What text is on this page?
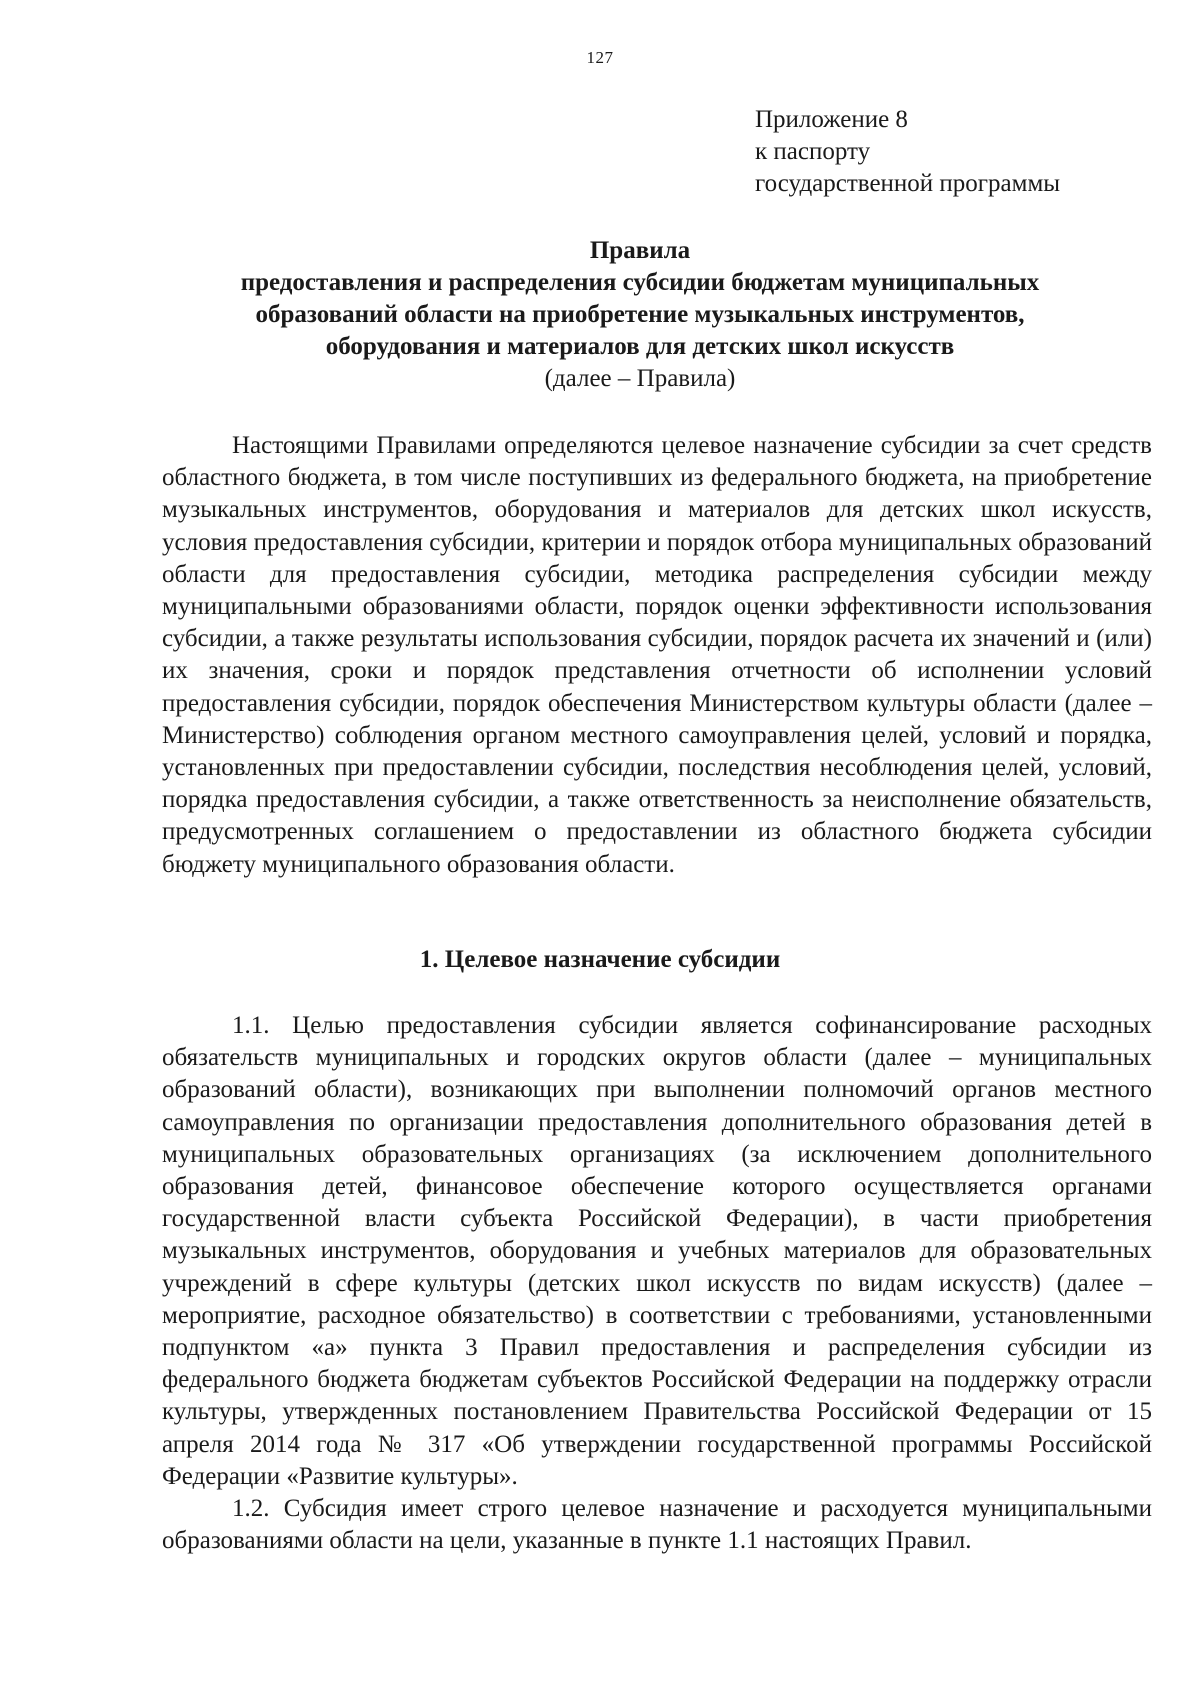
127
Приложение 8
к паспорту
государственной программы
Правила
предоставления и распределения субсидии бюджетам муниципальных
образований области на приобретение музыкальных инструментов,
оборудования и материалов для детских школ искусств
(далее – Правила)

Настоящими Правилами определяются целевое назначение субсидии за счет средств областного бюджета, в том числе поступивших из федерального бюджета, на приобретение музыкальных инструментов, оборудования и материалов для детских школ искусств, условия предоставления субсидии, критерии и порядок отбора муниципальных образований области для предоставления субсидии, методика распределения субсидии между муниципальными образованиями области, порядок оценки эффективности использования субсидии, а также результаты использования субсидии, порядок расчета их значений и (или) их значения, сроки и порядок представления отчетности об исполнении условий предоставления субсидии, порядок обеспечения Министерством культуры области (далее – Министерство) соблюдения органом местного самоуправления целей, условий и порядка, установленных при предоставлении субсидии, последствия несоблюдения целей, условий, порядка предоставления субсидии, а также ответственность за неисполнение обязательств, предусмотренных соглашением о предоставлении из областного бюджета субсидии бюджету муниципального образования области.

1. Целевое назначение субсидии

1.1. Целью предоставления субсидии является софинансирование расходных обязательств муниципальных и городских округов области (далее – муниципальных образований области), возникающих при выполнении полномочий органов местного самоуправления по организации предоставления дополнительного образования детей в муниципальных образовательных организациях (за исключением дополнительного образования детей, финансовое обеспечение которого осуществляется органами государственной власти субъекта Российской Федерации), в части приобретения музыкальных инструментов, оборудования и учебных материалов для образовательных учреждений в сфере культуры (детских школ искусств по видам искусств) (далее – мероприятие, расходное обязательство) в соответствии с требованиями, установленными подпунктом «а» пункта 3 Правил предоставления и распределения субсидии из федерального бюджета бюджетам субъектов Российской Федерации на поддержку отрасли культуры, утвержденных постановлением Правительства Российской Федерации от 15 апреля 2014 года № 317 «Об утверждении государственной программы Российской Федерации «Развитие культуры».

1.2. Субсидия имеет строго целевое назначение и расходуется муниципальными образованиями области на цели, указанные в пункте 1.1 настоящих Правил.
